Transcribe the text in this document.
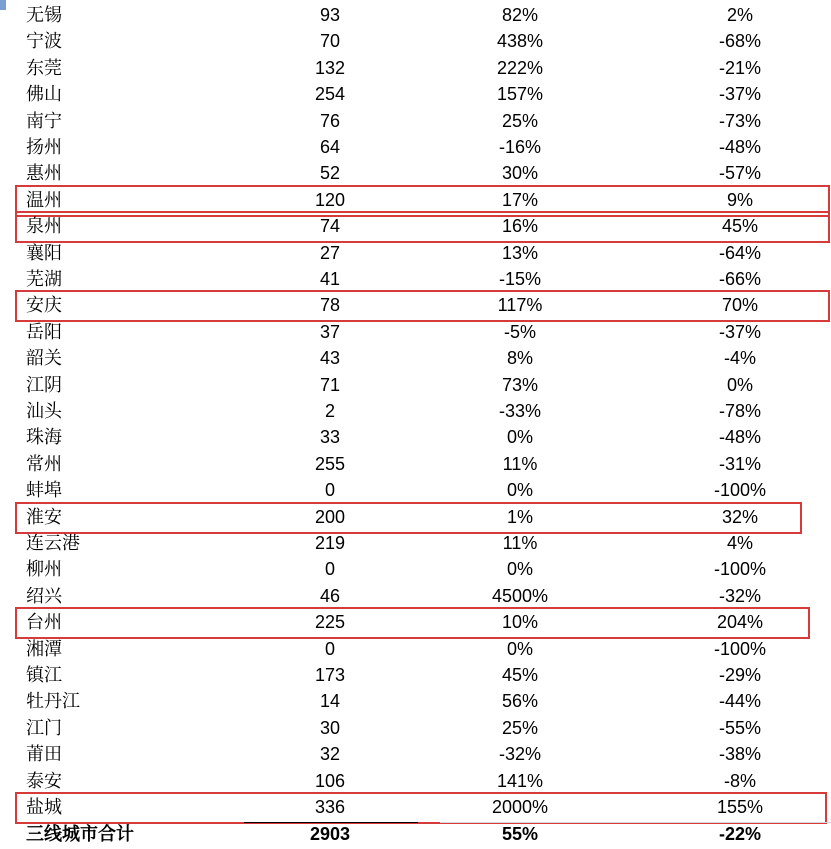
无锡	93	82%	2%
宁波	70	438%	-68%
东莞	132	222%	-21%
佛山	254	157%	-37%
南宁	76	25%	-73%
扬州	64	-16%	-48%
惠州	52	30%	-57%
温州	120	17%	9%
泉州	74	16%	45%
襄阳	27	13%	-64%
芜湖	41	-15%	-66%
安庆	78	117%	70%
岳阳	37	-5%	-37%
韶关	43	8%	-4%
江阴	71	73%	0%
汕头	2	-33%	-78%
珠海	33	0%	-48%
常州	255	11%	-31%
蚌埠	0	0%	-100%
淮安	200	1%	32%
连云港	219	11%	4%
柳州	0	0%	-100%
绍兴	46	4500%	-32%
台州	225	10%	204%
湘潭	0	0%	-100%
镇江	173	45%	-29%
牡丹江	14	56%	-44%
江门	30	25%	-55%
莆田	32	-32%	-38%
泰安	106	141%	-8%
盐城	336	2000%	155%
三线城市合计	2903	55%	-22%
